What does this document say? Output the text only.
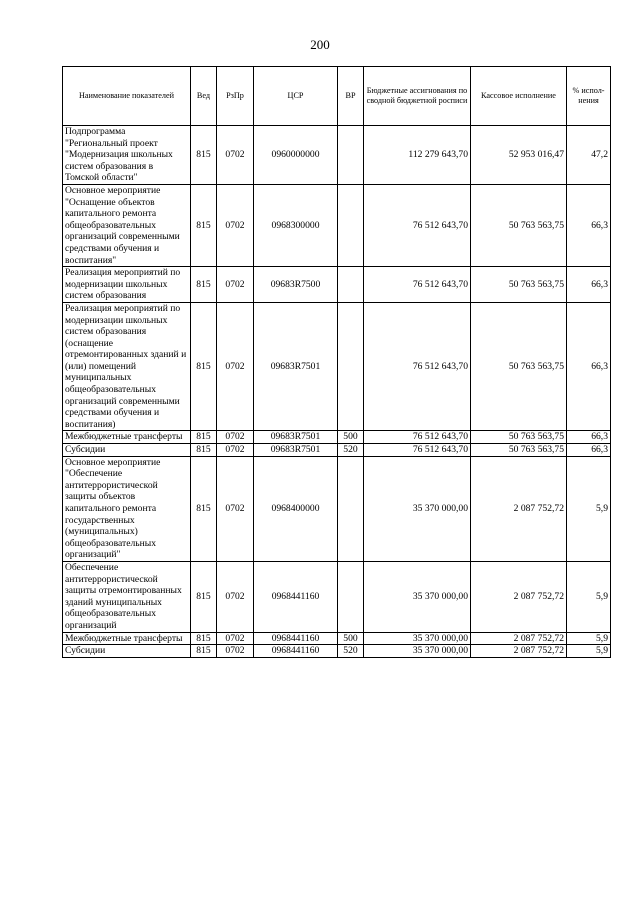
200
Наименование показателей	Вед	РзПр	ЦСР	ВР	Бюджетные ассигнования по сводной бюджетной росписи	Кассовое исполнение	% испол-нения
Подпрограмма "Региональный проект "Модернизация школьных систем образования в Томской области"	815	0702	0960000000		112 279 643,70	52 953 016,47	47,2
Основное мероприятие "Оснащение объектов капитального ремонта общеобразовательных организаций современными средствами обучения и воспитания"	815	0702	0968300000		76 512 643,70	50 763 563,75	66,3
Реализация мероприятий по модернизации школьных систем образования	815	0702	09683R7500		76 512 643,70	50 763 563,75	66,3
Реализация мероприятий по модернизации школьных систем образования (оснащение отремонтированных зданий и (или) помещений муниципальных общеобразовательных организаций современными средствами обучения и воспитания)	815	0702	09683R7501		76 512 643,70	50 763 563,75	66,3
Межбюджетные трансферты	815	0702	09683R7501	500	76 512 643,70	50 763 563,75	66,3
Субсидии	815	0702	09683R7501	520	76 512 643,70	50 763 563,75	66,3
Основное мероприятие "Обеспечение антитеррористической защиты объектов капитального ремонта государственных (муниципальных) общеобразовательных организаций"	815	0702	0968400000		35 370 000,00	2 087 752,72	5,9
Обеспечение антитеррористической защиты отремонтированных зданий муниципальных общеобразовательных организаций	815	0702	0968441160		35 370 000,00	2 087 752,72	5,9
Межбюджетные трансферты	815	0702	0968441160	500	35 370 000,00	2 087 752,72	5,9
Субсидии	815	0702	0968441160	520	35 370 000,00	2 087 752,72	5,9
